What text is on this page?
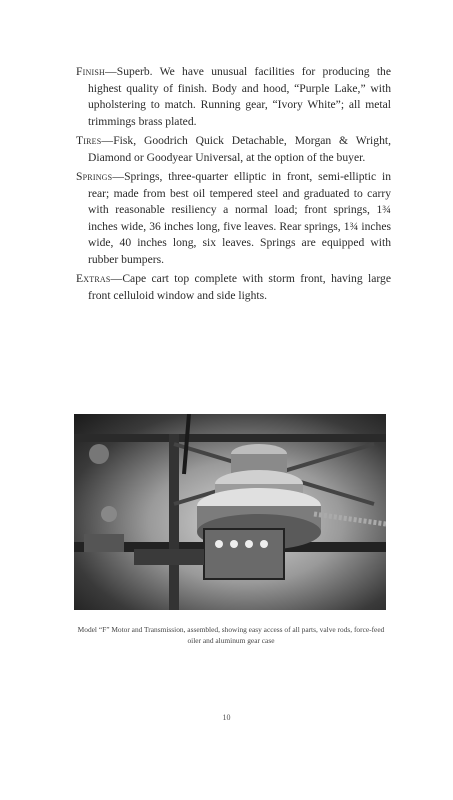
Finish — Superb. We have unusual facilities for producing the highest quality of finish. Body and hood, “Purple Lake,” with upholstering to match. Running gear, “Ivory White”; all metal trimmings brass plated.

Tires — Fisk, Goodrich Quick Detachable, Morgan & Wright, Diamond or Goodyear Universal, at the option of the buyer.

Springs — Springs, three-quarter elliptic in front, semi-elliptic in rear; made from best oil tempered steel and graduated to carry with reasonable resiliency a normal load; front springs, 1¾ inches wide, 36 inches long, five leaves. Rear springs, 1¾ inches wide, 40 inches long, six leaves. Springs are equipped with rubber bumpers.

Extras — Cape cart top complete with storm front, having large front celluloid window and side lights.

Model “F” Motor and Transmission, assembled, showing easy access of all parts, valve rods, force-feed oiler and aluminum gear case
10
